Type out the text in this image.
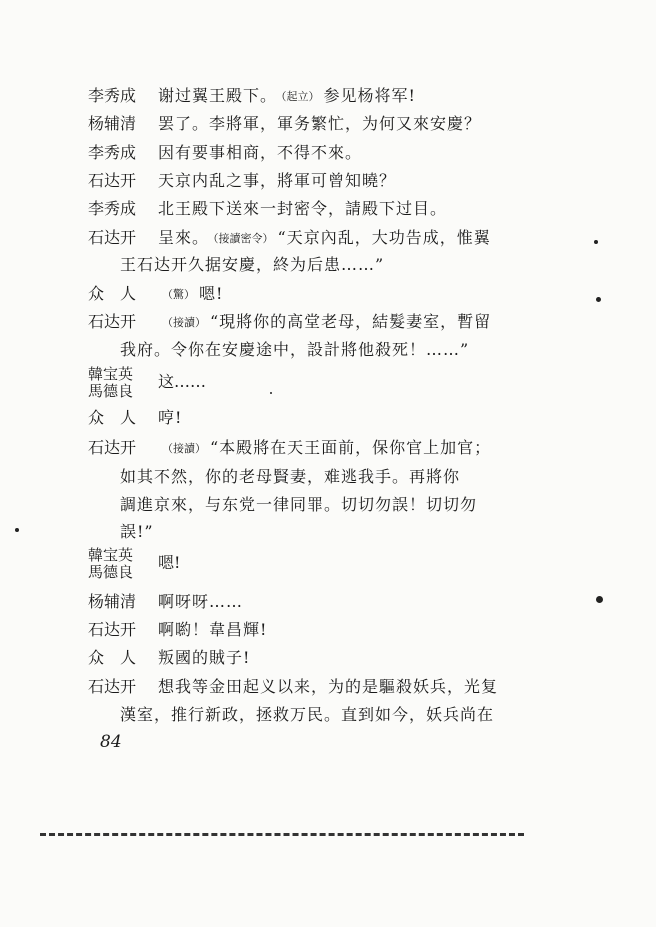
李秀成 谢过翼王殿下。 （起立） 参见杨将军!
杨辅清 罢了。李將軍，軍务繁忙，为何又來安慶？
李秀成 因有要事相商，不得不來。
石达开 天京内乱之事，將軍可曾知曉？
李秀成 北王殿下送來一封密令，請殿下过目。
石达开 呈來。 （接讀密令） “天京內乱，大功告成，惟翼
王石达开久据安慶，終为后患……”
众　人 （驚） 嗯!
石达开 （接讀） “現將你的高堂老母，結髮妻室，暫留
我府。令你在安慶途中，設計將他殺死！……”
韓宝英
馬德良 这……
众　人 哼!
石达开 （接讀） “本殿將在天王面前，保你官上加官；
如其不然，你的老母賢妻，难逃我手。再將你
調進京來，与东党一律同罪。切切勿誤！切切勿
誤!”
韓宝英
馬德良 嗯!
杨辅清 啊呀呀……
石达开 啊喲！韋昌輝!
众　人 叛國的賊子!
石达开 想我等金田起义以来，为的是驅殺妖兵，光复
漢室，推行新政，拯救万民。直到如今，妖兵尚在
84
